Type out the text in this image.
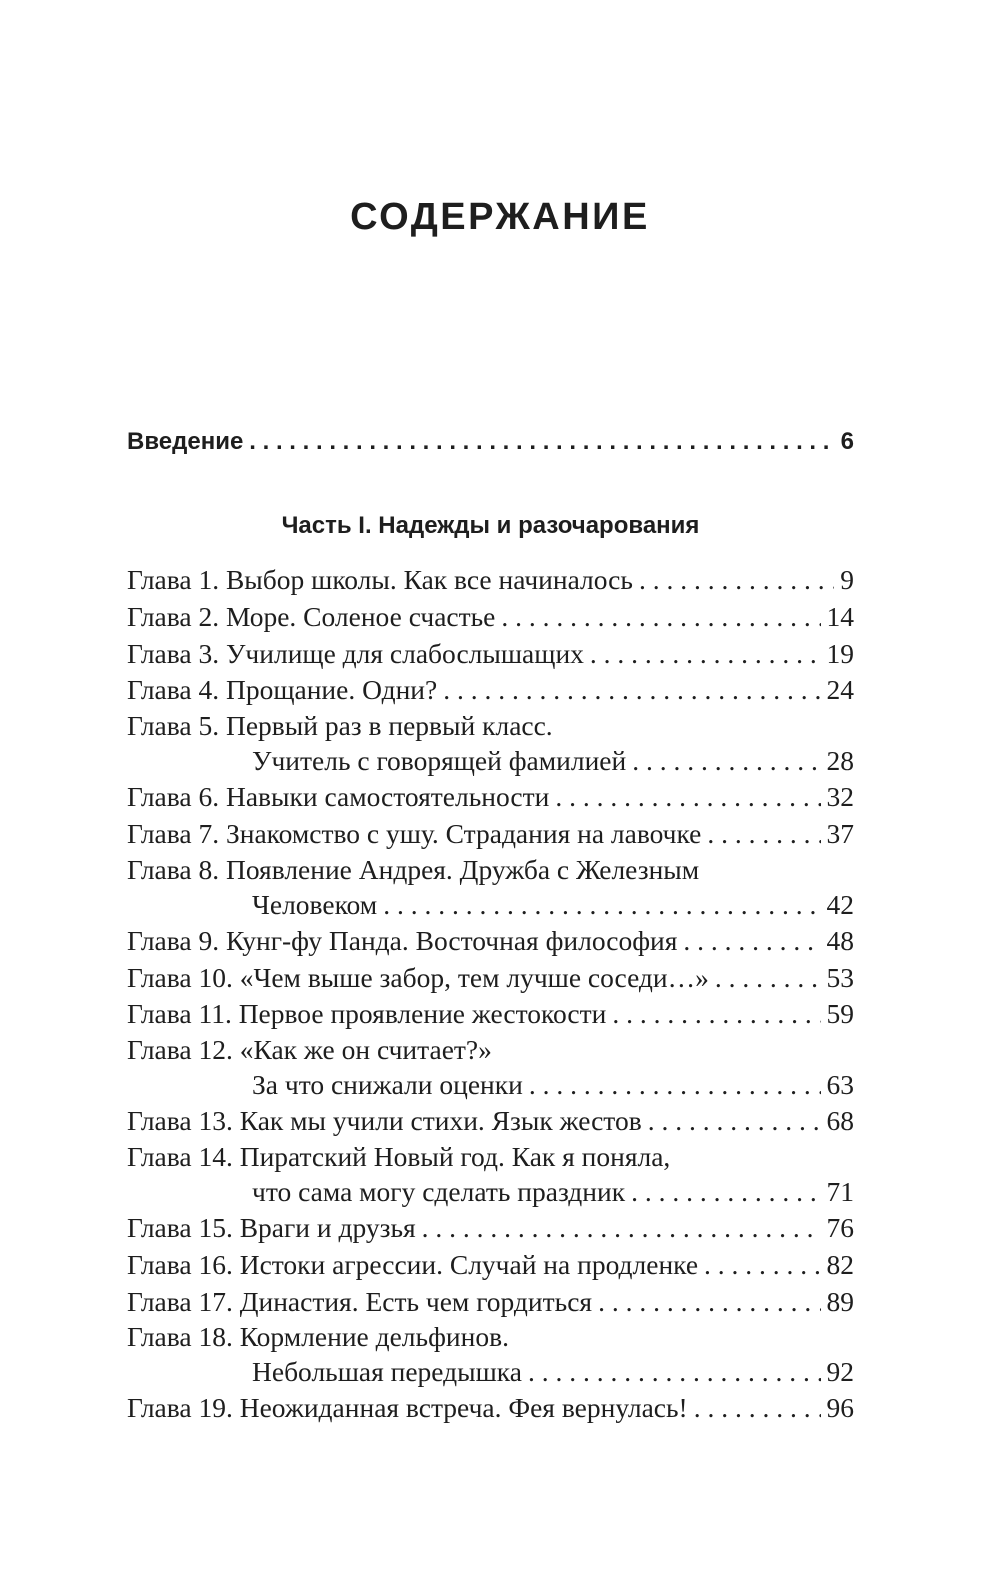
СОДЕРЖАНИЕ
Введение . . .	6
Часть I. Надежды и разочарования
Глава 1. Выбор школы. Как все начиналось . . .	9
Глава 2. Море. Соленое счастье . . .	14
Глава 3. Училище для слабослышащих . . .	19
Глава 4. Прощание. Одни? . . .	24
Глава 5. Первый раз в первый класс.
Учитель с говорящей фамилией . . .	28
Глава 6. Навыки самостоятельности . . .	32
Глава 7. Знакомство с ушу. Страдания на лавочке . . .	37
Глава 8. Появление Андрея. Дружба с Железным
Человеком . . .	42
Глава 9. Кунг-фу Панда. Восточная философия . . .	48
Глава 10. «Чем выше забор, тем лучше соседи…» . . .	53
Глава 11. Первое проявление жестокости . . .	59
Глава 12. «Как же он считает?»
За что снижали оценки . . .	63
Глава 13. Как мы учили стихи. Язык жестов . . .	68
Глава 14. Пиратский Новый год. Как я поняла,
что сама могу сделать праздник . . .	71
Глава 15. Враги и друзья . . .	76
Глава 16. Истоки агрессии. Случай на продленке . . .	82
Глава 17. Династия. Есть чем гордиться . . .	89
Глава 18. Кормление дельфинов.
Небольшая передышка . . .	92
Глава 19. Неожиданная встреча. Фея вернулась! . . .	96
